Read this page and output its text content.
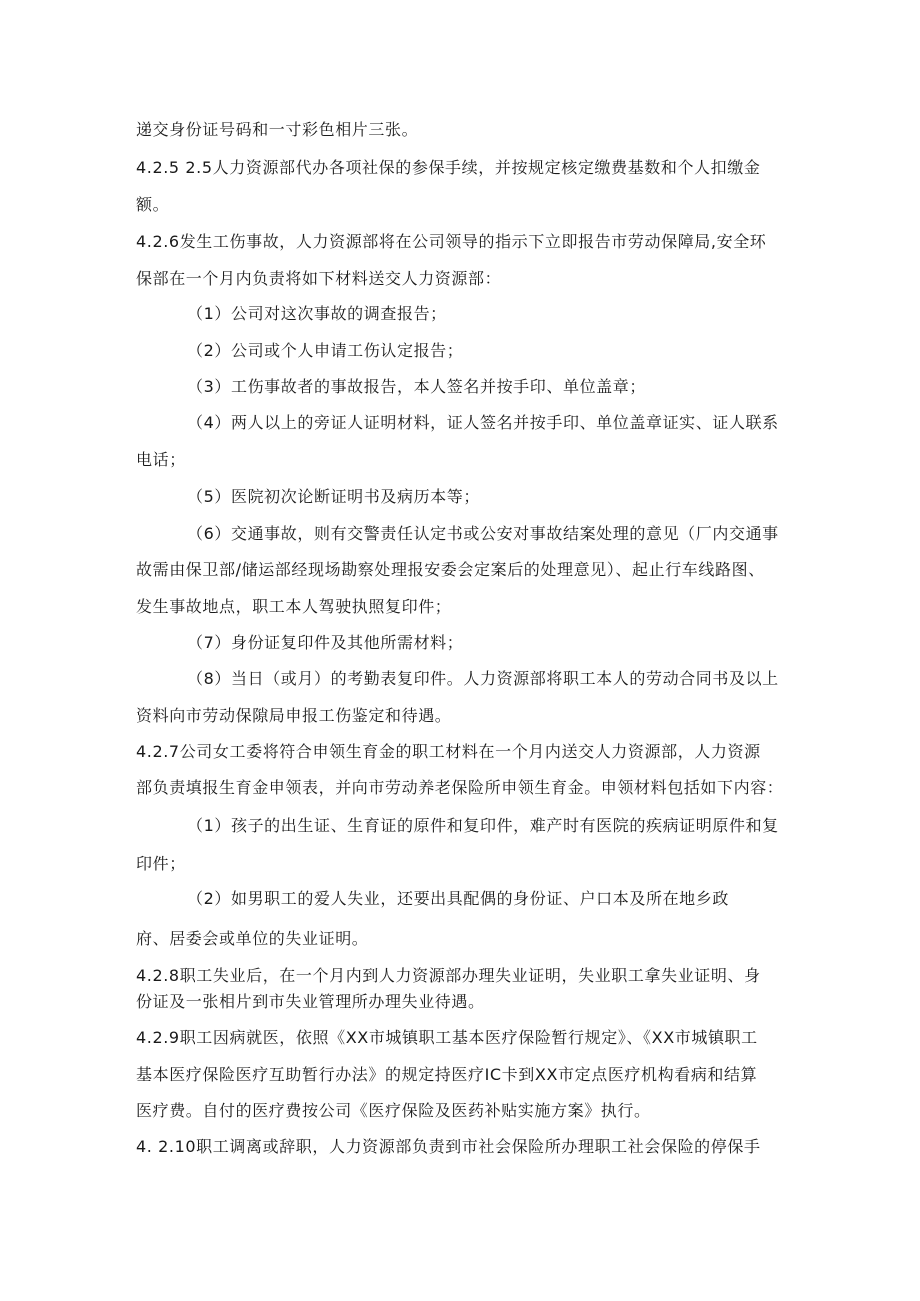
递交身份证号码和一寸彩色相片三张。
4.2.5 2.5人力资源部代办各项社保的参保手续，并按规定核定缴费基数和个人扣缴金
额。
4.2.6发生工伤事故，人力资源部将在公司领导的指示下立即报告市劳动保障局,安全环
保部在一个月内负责将如下材料送交人力资源部：
（1）公司对这次事故的调查报告；
（2）公司或个人申请工伤认定报告；
（3）工伤事故者的事故报告，本人签名并按手印、单位盖章；
（4）两人以上的旁证人证明材料，证人签名并按手印、单位盖章证实、证人联系
电话；
（5）医院初次论断证明书及病历本等；
（6）交通事故，则有交警责任认定书或公安对事故结案处理的意见（厂内交通事
故需由保卫部/储运部经现场勘察处理报安委会定案后的处理意见）、起止行车线路图、
发生事故地点，职工本人驾驶执照复印件；
（7）身份证复印件及其他所需材料；
（8）当日（或月）的考勤表复印件。人力资源部将职工本人的劳动合同书及以上
资料向市劳动保隙局申报工伤鉴定和待遇。
4.2.7公司女工委将符合申领生育金的职工材料在一个月内送交人力资源部，人力资源
部负责填报生育金申领表，并向市劳动养老保险所申领生育金。申领材料包括如下内容：
（1）孩子的出生证、生育证的原件和复印件，难产时有医院的疾病证明原件和复
印件；
（2）如男职工的爱人失业，还要出具配偶的身份证、户口本及所在地乡政
府、居委会或单位的失业证明。
4.2.8职工失业后，在一个月内到人力资源部办理失业证明，失业职工拿失业证明、身
份证及一张相片到市失业管理所办理失业待遇。
4.2.9职工因病就医，依照《XX市城镇职工基本医疗保险暂行规定》、《XX市城镇职工
基本医疗保险医疗互助暂行办法》的规定持医疗IC卡到XX市定点医疗机构看病和结算
医疗费。自付的医疗费按公司《医疗保险及医药补贴实施方案》执行。
4. 2.10职工调离或辞职，人力资源部负责到市社会保险所办理职工社会保险的停保手
